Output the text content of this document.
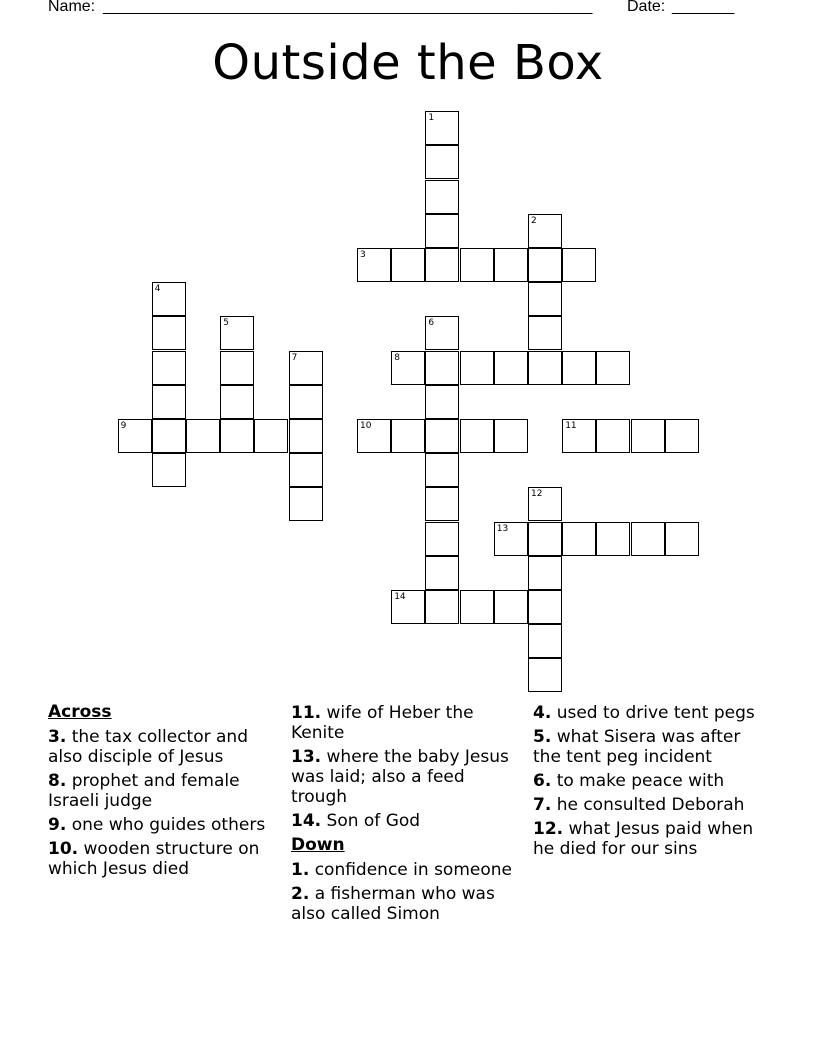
Name: _______________________________________________________ Date: _______
Outside the Box
1
2
3
4
5	6
7	8
9	10	11
12
13
14
Across
3. the tax collector and also disciple of Jesus
8. prophet and female Israeli judge
9. one who guides others
10. wooden structure on which Jesus died
11. wife of Heber the Kenite
13. where the baby Jesus was laid; also a feed trough
14. Son of God
Down
1. confidence in someone
2. a fisherman who was also called Simon
4. used to drive tent pegs
5. what Sisera was after the tent peg incident
6. to make peace with
7. he consulted Deborah
12. what Jesus paid when he died for our sins
